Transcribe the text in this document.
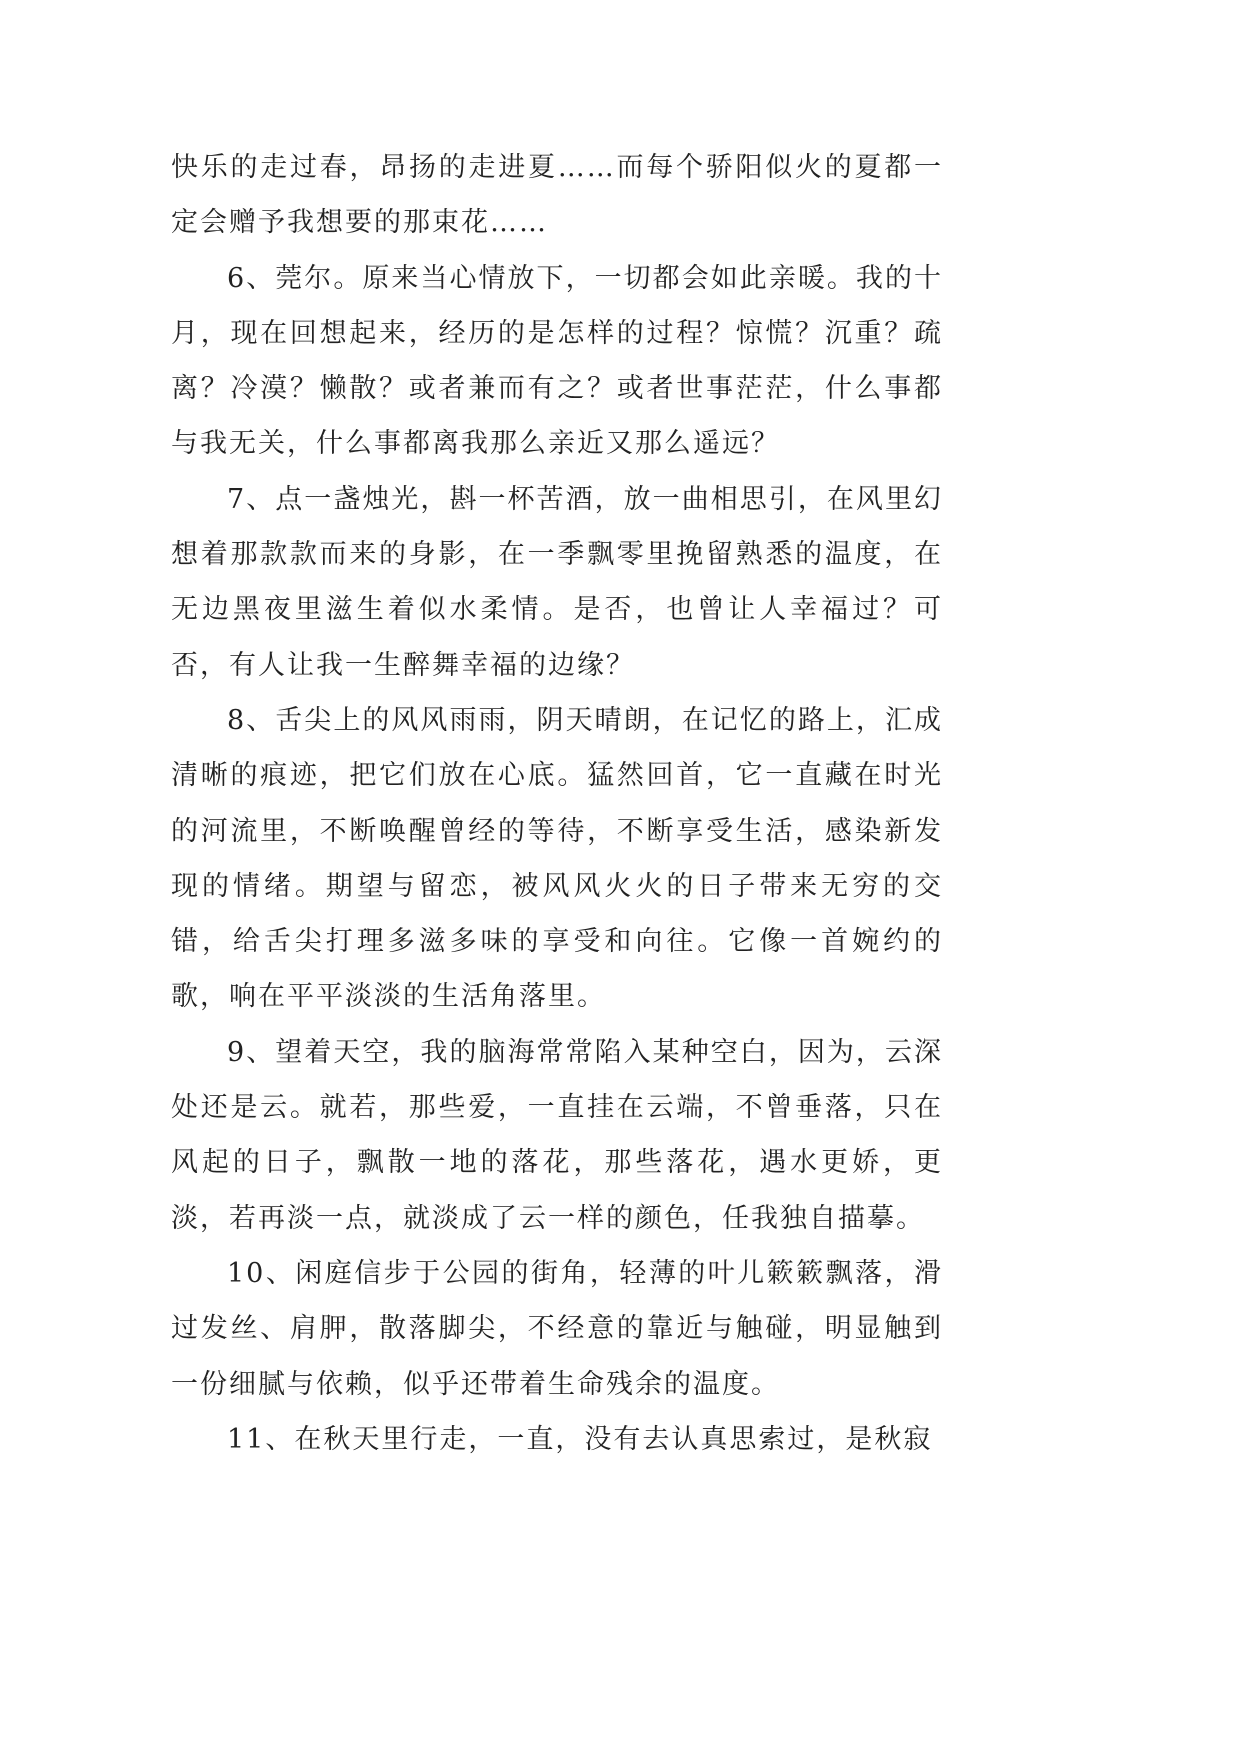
快乐的走过春，昂扬的走进夏……而每个骄阳似火的夏都一定会赠予我想要的那束花……

6、莞尔。原来当心情放下，一切都会如此亲暖。我的十月，现在回想起来，经历的是怎样的过程？惊慌？沉重？疏离？冷漠？懒散？或者兼而有之？或者世事茫茫，什么事都与我无关，什么事都离我那么亲近又那么遥远？

7、点一盏烛光，斟一杯苦酒，放一曲相思引，在风里幻想着那款款而来的身影，在一季飘零里挽留熟悉的温度，在无边黑夜里滋生着似水柔情。是否，也曾让人幸福过？可否，有人让我一生醉舞幸福的边缘？

8、舌尖上的风风雨雨，阴天晴朗，在记忆的路上，汇成清晰的痕迹，把它们放在心底。猛然回首，它一直藏在时光的河流里，不断唤醒曾经的等待，不断享受生活，感染新发现的情绪。期望与留恋，被风风火火的日子带来无穷的交错，给舌尖打理多滋多味的享受和向往。它像一首婉约的歌，响在平平淡淡的生活角落里。

9、望着天空，我的脑海常常陷入某种空白，因为，云深处还是云。就若，那些爱，一直挂在云端，不曾垂落，只在风起的日子，飘散一地的落花，那些落花，遇水更娇，更淡，若再淡一点，就淡成了云一样的颜色，任我独自描摹。

10、闲庭信步于公园的街角，轻薄的叶儿簌簌飘落，滑过发丝、肩胛，散落脚尖，不经意的靠近与触碰，明显触到一份细腻与依赖，似乎还带着生命残余的温度。

11、在秋天里行走，一直，没有去认真思索过，是秋寂
